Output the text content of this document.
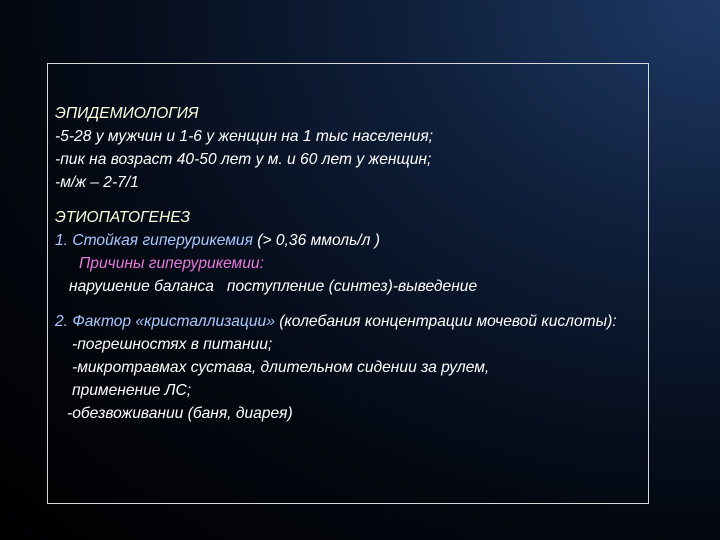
ЭПИДЕМИОЛОГИЯ
-5-28 у мужчин и 1-6 у женщин на 1 тыс населения;
-пик на возраст 40-50 лет у м. и 60 лет у женщин;
-м/ж – 2-7/1
ЭТИОПАТОГЕНЕЗ
1. Стойкая гиперурикемия (> 0,36 ммоль/л )
Причины гиперурикемии:
нарушение баланса   поступление (синтез)-выведение
2. Фактор «кристаллизации» (колебания концентрации мочевой кислоты):
-погрешностях в питании;
-микротравмах сустава, длительном сидении за рулем, применение ЛС;
-обезвоживании (баня, диарея)
